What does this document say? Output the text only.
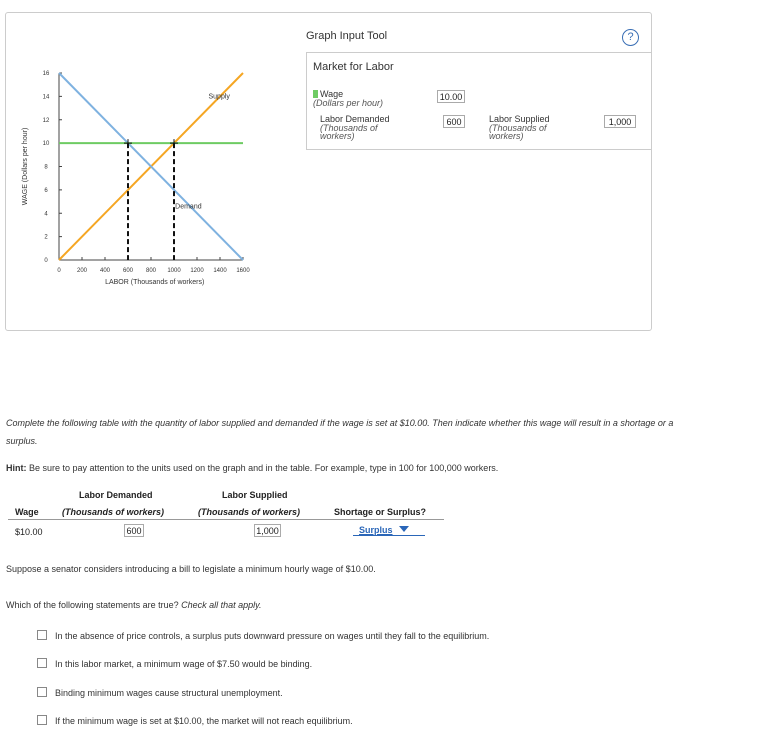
0
2
4
6
8
10
12
14
16
0	200 400 600 800 1000 1200 1400 1600
Supply
Demand
LABOR (Thousands of workers)
WAGE (Dollars per hour)
Graph Input Tool	?
Market for Labor
Wage
(Dollars per hour)
10.00
Labor Demanded
(Thousands of workers)
600	Labor Supplied
(Thousands of workers)
1,000
Complete the following table with the quantity of labor supplied and demanded if the wage is set at $10.00. Then indicate whether this wage will result in a shortage or a surplus.
Hint: Be sure to pay attention to the units used on the graph and in the table. For example, type in 100 for 100,000 workers.
Labor Demanded	Labor Supplied
Wage	(Thousands of workers)	(Thousands of workers)	Shortage or Surplus?
$10.00	600	1,000	Surplus
Suppose a senator considers introducing a bill to legislate a minimum hourly wage of $10.00.
Which of the following statements are true? Check all that apply.
In the absence of price controls, a surplus puts downward pressure on wages until they fall to the equilibrium.
In this labor market, a minimum wage of $7.50 would be binding.
Binding minimum wages cause structural unemployment.
If the minimum wage is set at $10.00, the market will not reach equilibrium.
